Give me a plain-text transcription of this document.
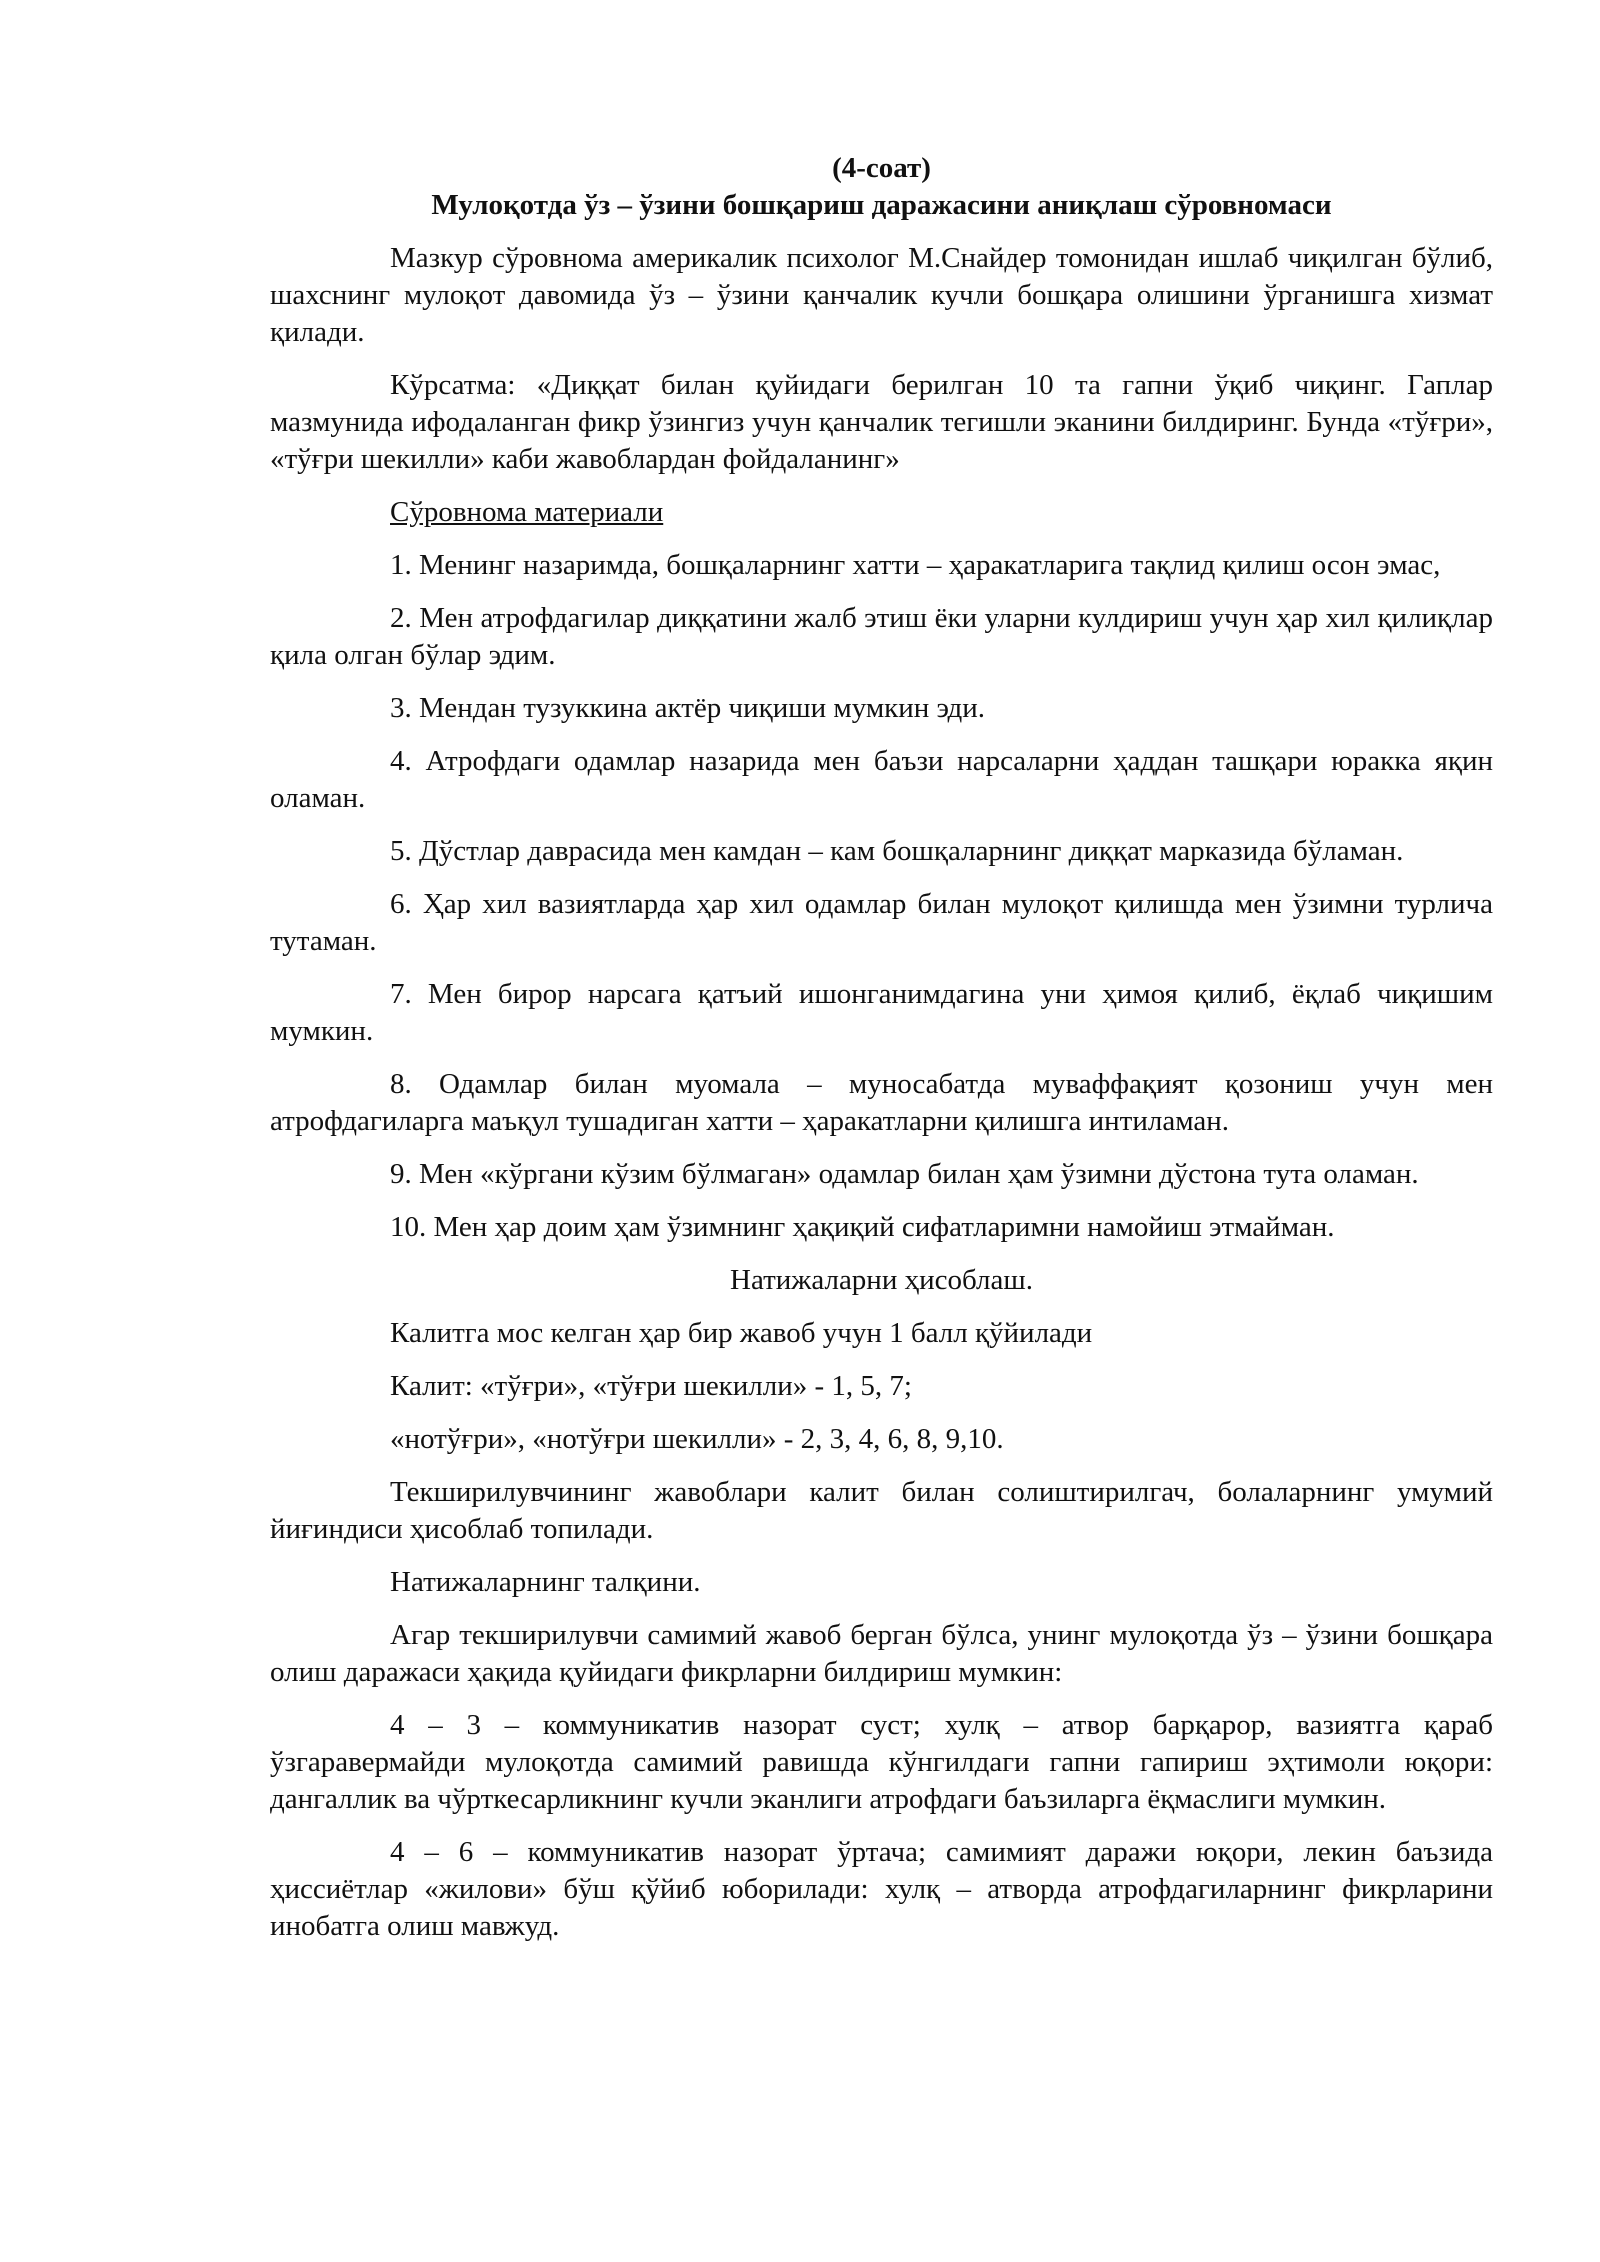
(4-соат)

Мулоқотда ўз – ўзини бошқариш даражасини аниқлаш сўровномаси

Мазкур сўровнома америкалик психолог М.Снайдер томонидан ишлаб чиқилган бўлиб, шахснинг мулоқот давомида ўз – ўзини қанчалик кучли бошқара олишини ўрганишга хизмат қилади.

Кўрсатма: «Диққат билан қуйидаги берилган 10 та гапни ўқиб чиқинг. Гаплар мазмунида ифодаланган фикр ўзингиз учун қанчалик тегишли эканини билдиринг. Бунда «тўғри», «тўғри шекилли» каби жавоблардан фойдаланинг»

Сўровнома материали

1. Менинг назаримда, бошқаларнинг хатти – ҳаракатларига тақлид қилиш осон эмас,

2. Мен атрофдагилар диққатини жалб этиш ёки уларни кулдириш учун ҳар хил қилиқлар қила олган бўлар эдим.

3. Мендан тузуккина актёр чиқиши мумкин эди.

4. Атрофдаги одамлар назарида мен баъзи нарсаларни ҳаддан ташқари юракка яқин оламан.

5. Дўстлар даврасида мен камдан – кам бошқаларнинг диққат марказида бўламан.

6. Ҳар хил вазиятларда ҳар хил одамлар билан мулоқот қилишда мен ўзимни турлича тутаман.

7. Мен бирор нарсага қатъий ишонганимдагина уни ҳимоя қилиб, ёқлаб чиқишим мумкин.

8. Одамлар билан муомала – муносабатда муваффақият қозониш учун мен атрофдагиларга маъқул тушадиган хатти – ҳаракатларни қилишга интиламан.

9. Мен «кўргани кўзим бўлмаган» одамлар билан ҳам ўзимни дўстона тута оламан.

10. Мен ҳар доим ҳам ўзимнинг ҳақиқий сифатларимни намойиш этмайман.

Натижаларни ҳисоблаш.

Калитга мос келган ҳар бир жавоб учун 1 балл қўйилади

Калит: «тўғри», «тўғри шекилли» - 1, 5, 7;

«нотўғри», «нотўғри шекилли» - 2, 3, 4, 6, 8, 9,10.

Текширилувчининг жавоблари калит билан солиштирилгач, болаларнинг умумий йиғиндиси ҳисоблаб топилади.

Натижаларнинг талқини.

Агар текширилувчи самимий жавоб берган бўлса, унинг мулоқотда ўз – ўзини бошқара олиш даражаси ҳақида қуйидаги фикрларни билдириш мумкин:

4 – 3 – коммуникатив назорат суст; хулқ – атвор барқарор, вазиятга қараб ўзгаравермайди мулоқотда самимий равишда кўнгилдаги гапни гапириш эҳтимоли юқори: дангаллик ва чўрткесарликнинг кучли эканлиги атрофдаги баъзиларга ёқмаслиги мумкин.

4 – 6 – коммуникатив назорат ўртача; самимият даражи юқори, лекин баъзида ҳиссиётлар «жилови» бўш қўйиб юборилади: хулқ – атворда атрофдагиларнинг фикрларини инобатга олиш мавжуд.
